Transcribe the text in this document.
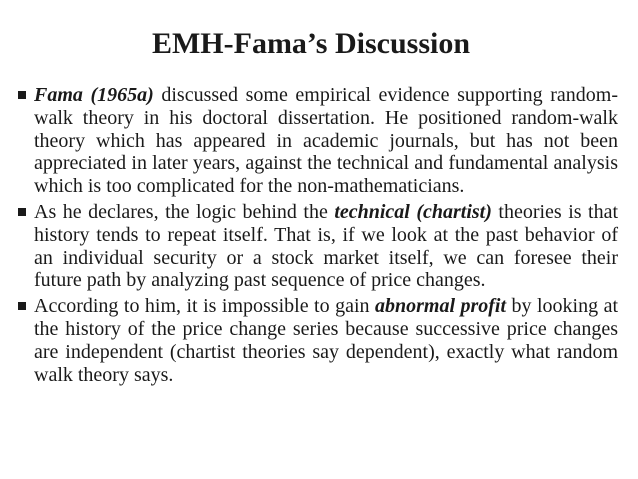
EMH-Fama’s Discussion
Fama (1965a) discussed some empirical evidence supporting random-walk theory in his doctoral dissertation. He positioned random-walk theory which has appeared in academic journals, but has not been appreciated in later years, against the technical and fundamental analysis which is too complicated for the non-mathematicians.
As he declares, the logic behind the technical (chartist) theories is that history tends to repeat itself. That is, if we look at the past behavior of an individual security or a stock market itself, we can foresee their future path by analyzing past sequence of price changes.
According to him, it is impossible to gain abnormal profit by looking at the history of the price change series because successive price changes are independent (chartist theories say dependent), exactly what random walk theory says.
